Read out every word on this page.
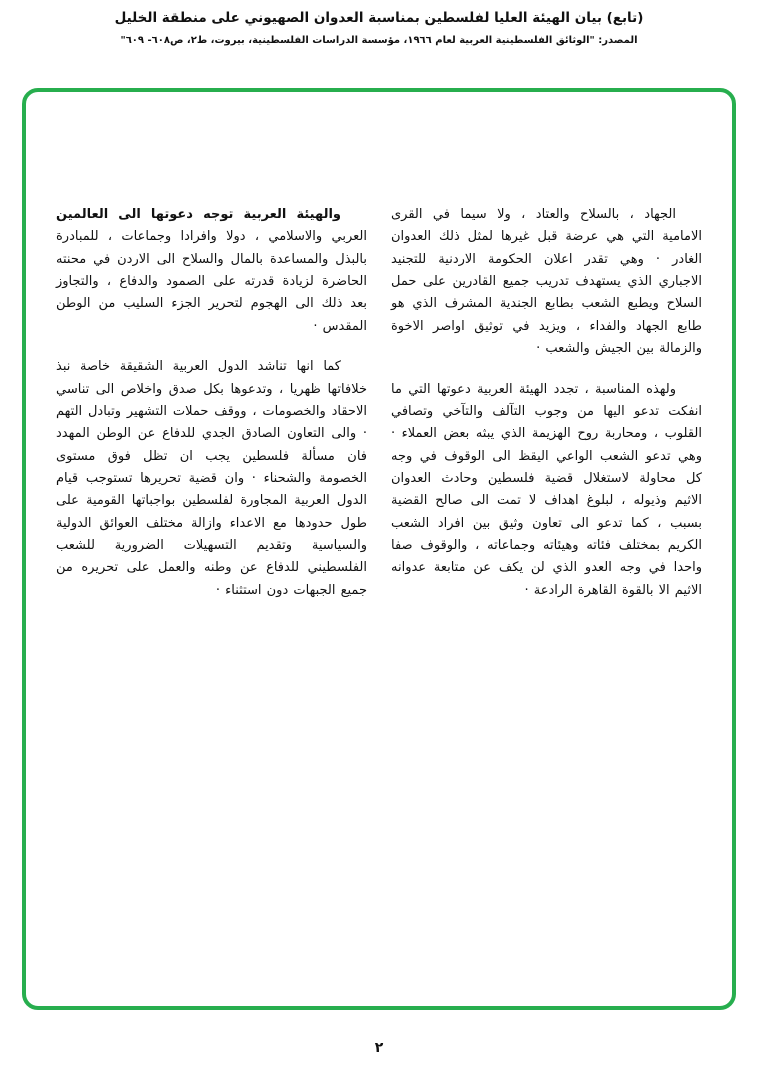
(تابع) بيان الهيئة العليا لفلسطين بمناسبة العدوان الصهيوني على منطقة الخليل
المصدر: "الوثائق الفلسطينية العربية لعام ١٩٦٦، مؤسسة الدراسات الفلسطينية، بيروت، ط٢، ص٦٠٨- ٦٠٩"

الجهاد ، بالسلاح والعتاد ، ولا سيما في القرى الامامية التي هي عرضة قبل غيرها لمثل ذلك العدوان الغادر · وهي تقدر اعلان الحكومة الاردنية للتجنيد الاجباري الذي يستهدف تدريب جميع القادرين على حمل السلاح ويطبع الشعب بطابع الجندية المشرف الذي هو طابع الجهاد والفداء ، ويزيد في توثيق اواصر الاخوة والزمالة بين الجيش والشعب ·

ولهذه المناسبة ، تجدد الهيئة العربية دعوتها التي ما انفكت تدعو اليها من وجوب التآلف والتآخي وتصافي القلوب ، ومحاربة روح الهزيمة الذي يبثه بعض العملاء · وهي تدعو الشعب الواعي اليقظ الى الوقوف في وجه كل محاولة لاستغلال قضية فلسطين وحادث العدوان الاثيم وذيوله ، لبلوغ اهداف لا تمت الى صالح القضية بسبب ، كما تدعو الى تعاون وثيق بين افراد الشعب الكريم بمختلف فئاته وهيئاته وجماعاته ، والوقوف صفا واحدا في وجه العدو الذي لن يكف عن متابعة عدوانه الاثيم الا بالقوة القاهرة الرادعة ·

والهيئة العربية توجه دعوتها الى العالمين العربي والاسلامي ، دولا وافرادا وجماعات ، للمبادرة بالبذل والمساعدة بالمال والسلاح الى الاردن في محنته الحاضرة لزيادة قدرته على الصمود والدفاع ، والتجاوز بعد ذلك الى الهجوم لتحرير الجزء السليب من الوطن المقدس ·

كما انها تناشد الدول العربية الشقيقة خاصة نبذ خلافاتها ظهريا ، وتدعوها بكل صدق واخلاص الى تناسي الاحقاد والخصومات ، ووقف حملات التشهير وتبادل التهم · والى التعاون الصادق الجدي للدفاع عن الوطن المهدد فان مسألة فلسطين يجب ان تظل فوق مستوى الخصومة والشحناء · وان قضية تحريرها تستوجب قيام الدول العربية المجاورة لفلسطين بواجباتها القومية على طول حدودها مع الاعداء وازالة مختلف العوائق الدولية والسياسية وتقديم التسهيلات الضرورية للشعب الفلسطيني للدفاع عن وطنه والعمل على تحريره من جميع الجبهات دون استثناء ·

٢
